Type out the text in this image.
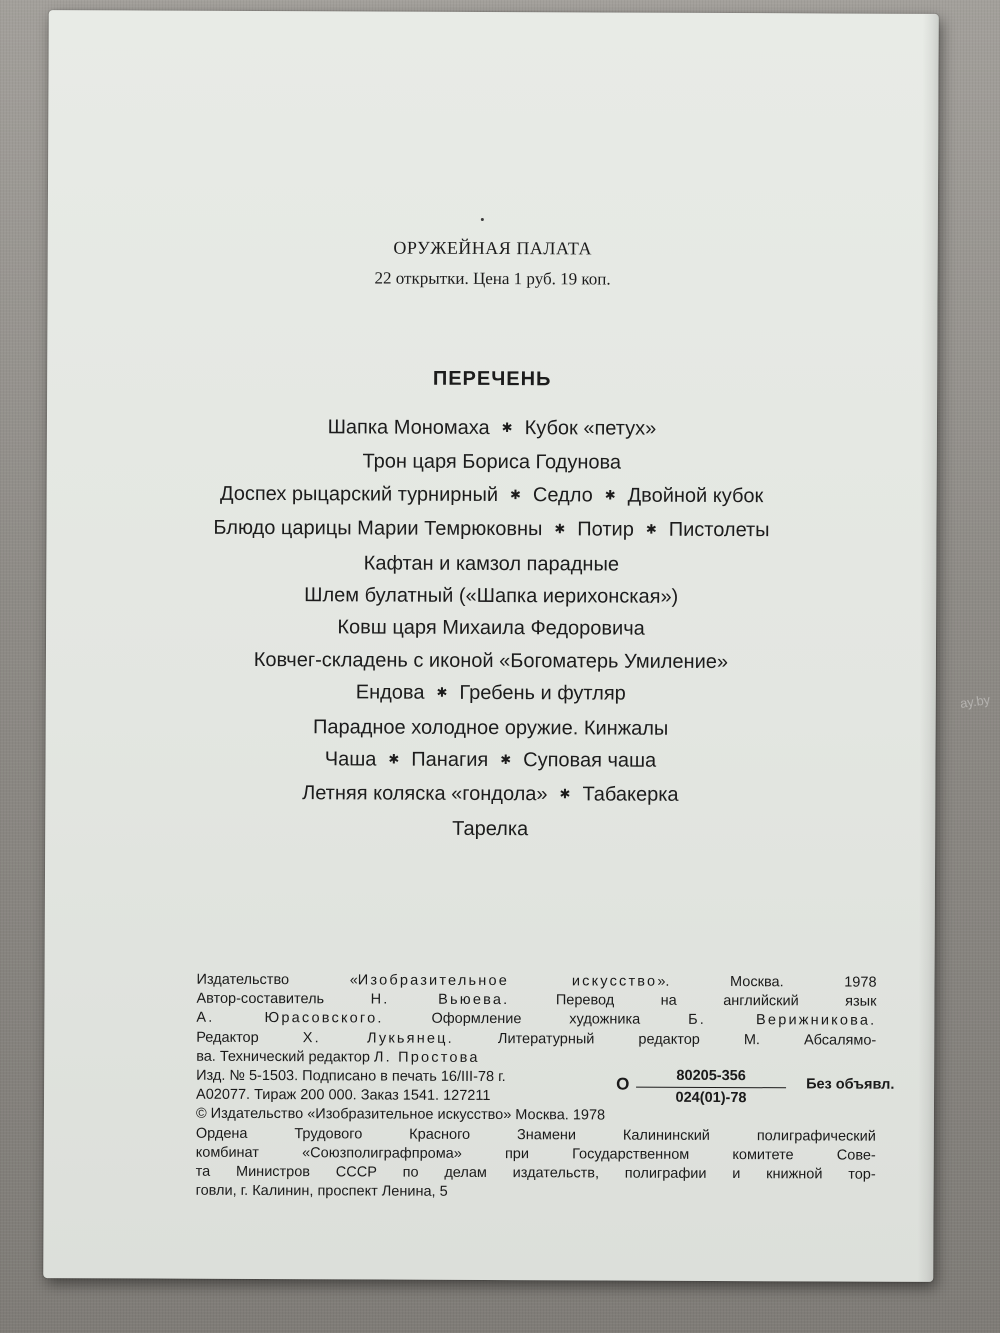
ОРУЖЕЙНАЯ ПАЛАТА
22 открытки. Цена 1 руб. 19 коп.
ПЕРЕЧЕНЬ
Шапка Мономаха ✱ Кубок «петух»
Трон царя Бориса Годунова
Доспех рыцарский турнирный ✱ Седло ✱ Двойной кубок
Блюдо царицы Марии Темрюковны ✱ Потир ✱ Пистолеты
Кафтан и камзол парадные
Шлем булатный («Шапка иерихонская»)
Ковш царя Михаила Федоровича
Ковчег-складень с иконой «Богоматерь Умиление»
Ендова ✱ Гребень и футляр
Парадное холодное оружие. Кинжалы
Чаша ✱ Панагия ✱ Суповая чаша
Летняя коляска «гондола» ✱ Табакерка
Тарелка
Издательство «Изобразительное искусство». Москва. 1978
Автор-составитель	Н. Вьюева.	Перевод на английский язык
А. Юрасовского.	Оформление художника	Б. Верижникова.
Редактор	Х. Лукьянец.	Литературный редактор М. Абсалямо-
ва. Технический редактор Л. Простова
Изд. № 5-1503. Подписано в печать 16/III-78 г.
А02077. Тираж 200 000. Заказ 1541. 127211
О $\frac{80205-356}{024(01)-78}$ Без объявл.
© Издательство «Изобразительное искусство» Москва. 1978
Ордена Трудового Красного Знамени Калининский полиграфический
комбинат «Союзполиграфпрома» при Государственном комитете Сове-
та Министров СССР по делам издательств, полиграфии и книжной тор-
говли, г. Калинин, проспект Ленина, 5
ay.by
